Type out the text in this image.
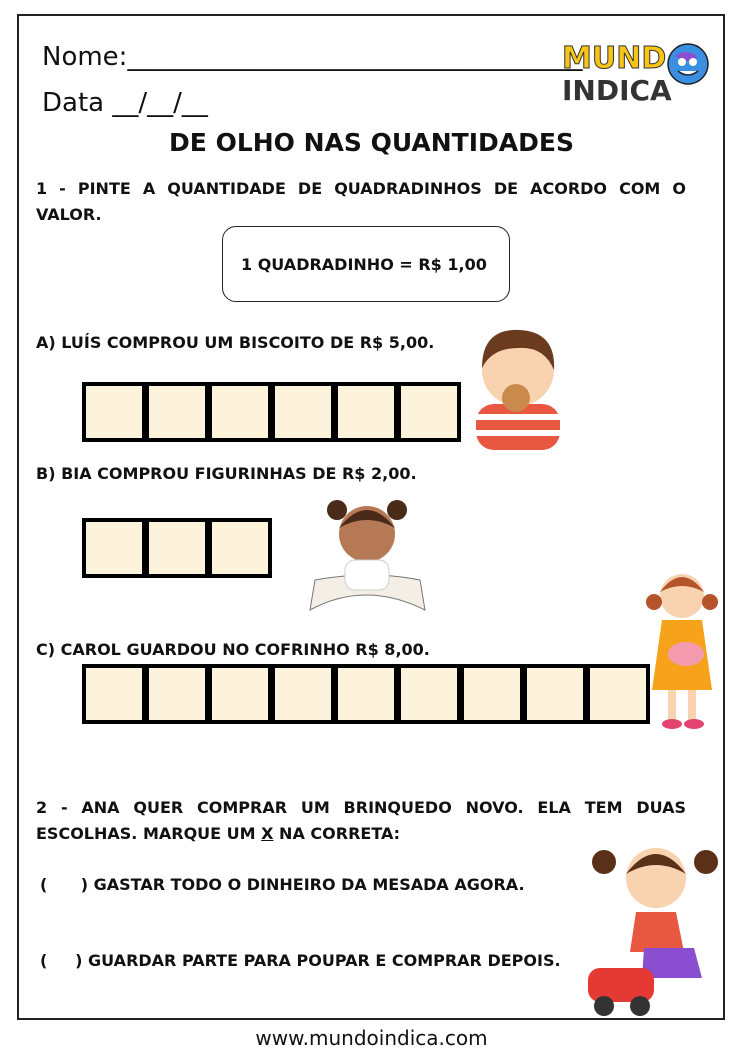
Nome:___________________________________
Data __/__/__
MUND
INDICA
DE OLHO NAS QUANTIDADES
1 - PINTE A QUANTIDADE DE QUADRADINHOS DE ACORDO COM O
VALOR.
1 QUADRADINHO = R$ 1,00
A) LUÍS COMPROU UM BISCOITO DE R$ 5,00.
B) BIA COMPROU FIGURINHAS DE R$ 2,00.
C) CAROL GUARDOU NO COFRINHO R$ 8,00.
2 - ANA QUER COMPRAR UM BRINQUEDO NOVO. ELA TEM DUAS
ESCOLHAS. MARQUE UM X NA CORRETA:
(      ) GASTAR TODO O DINHEIRO DA MESADA AGORA.
(     ) GUARDAR PARTE PARA POUPAR E COMPRAR DEPOIS.
www.mundoindica.com
